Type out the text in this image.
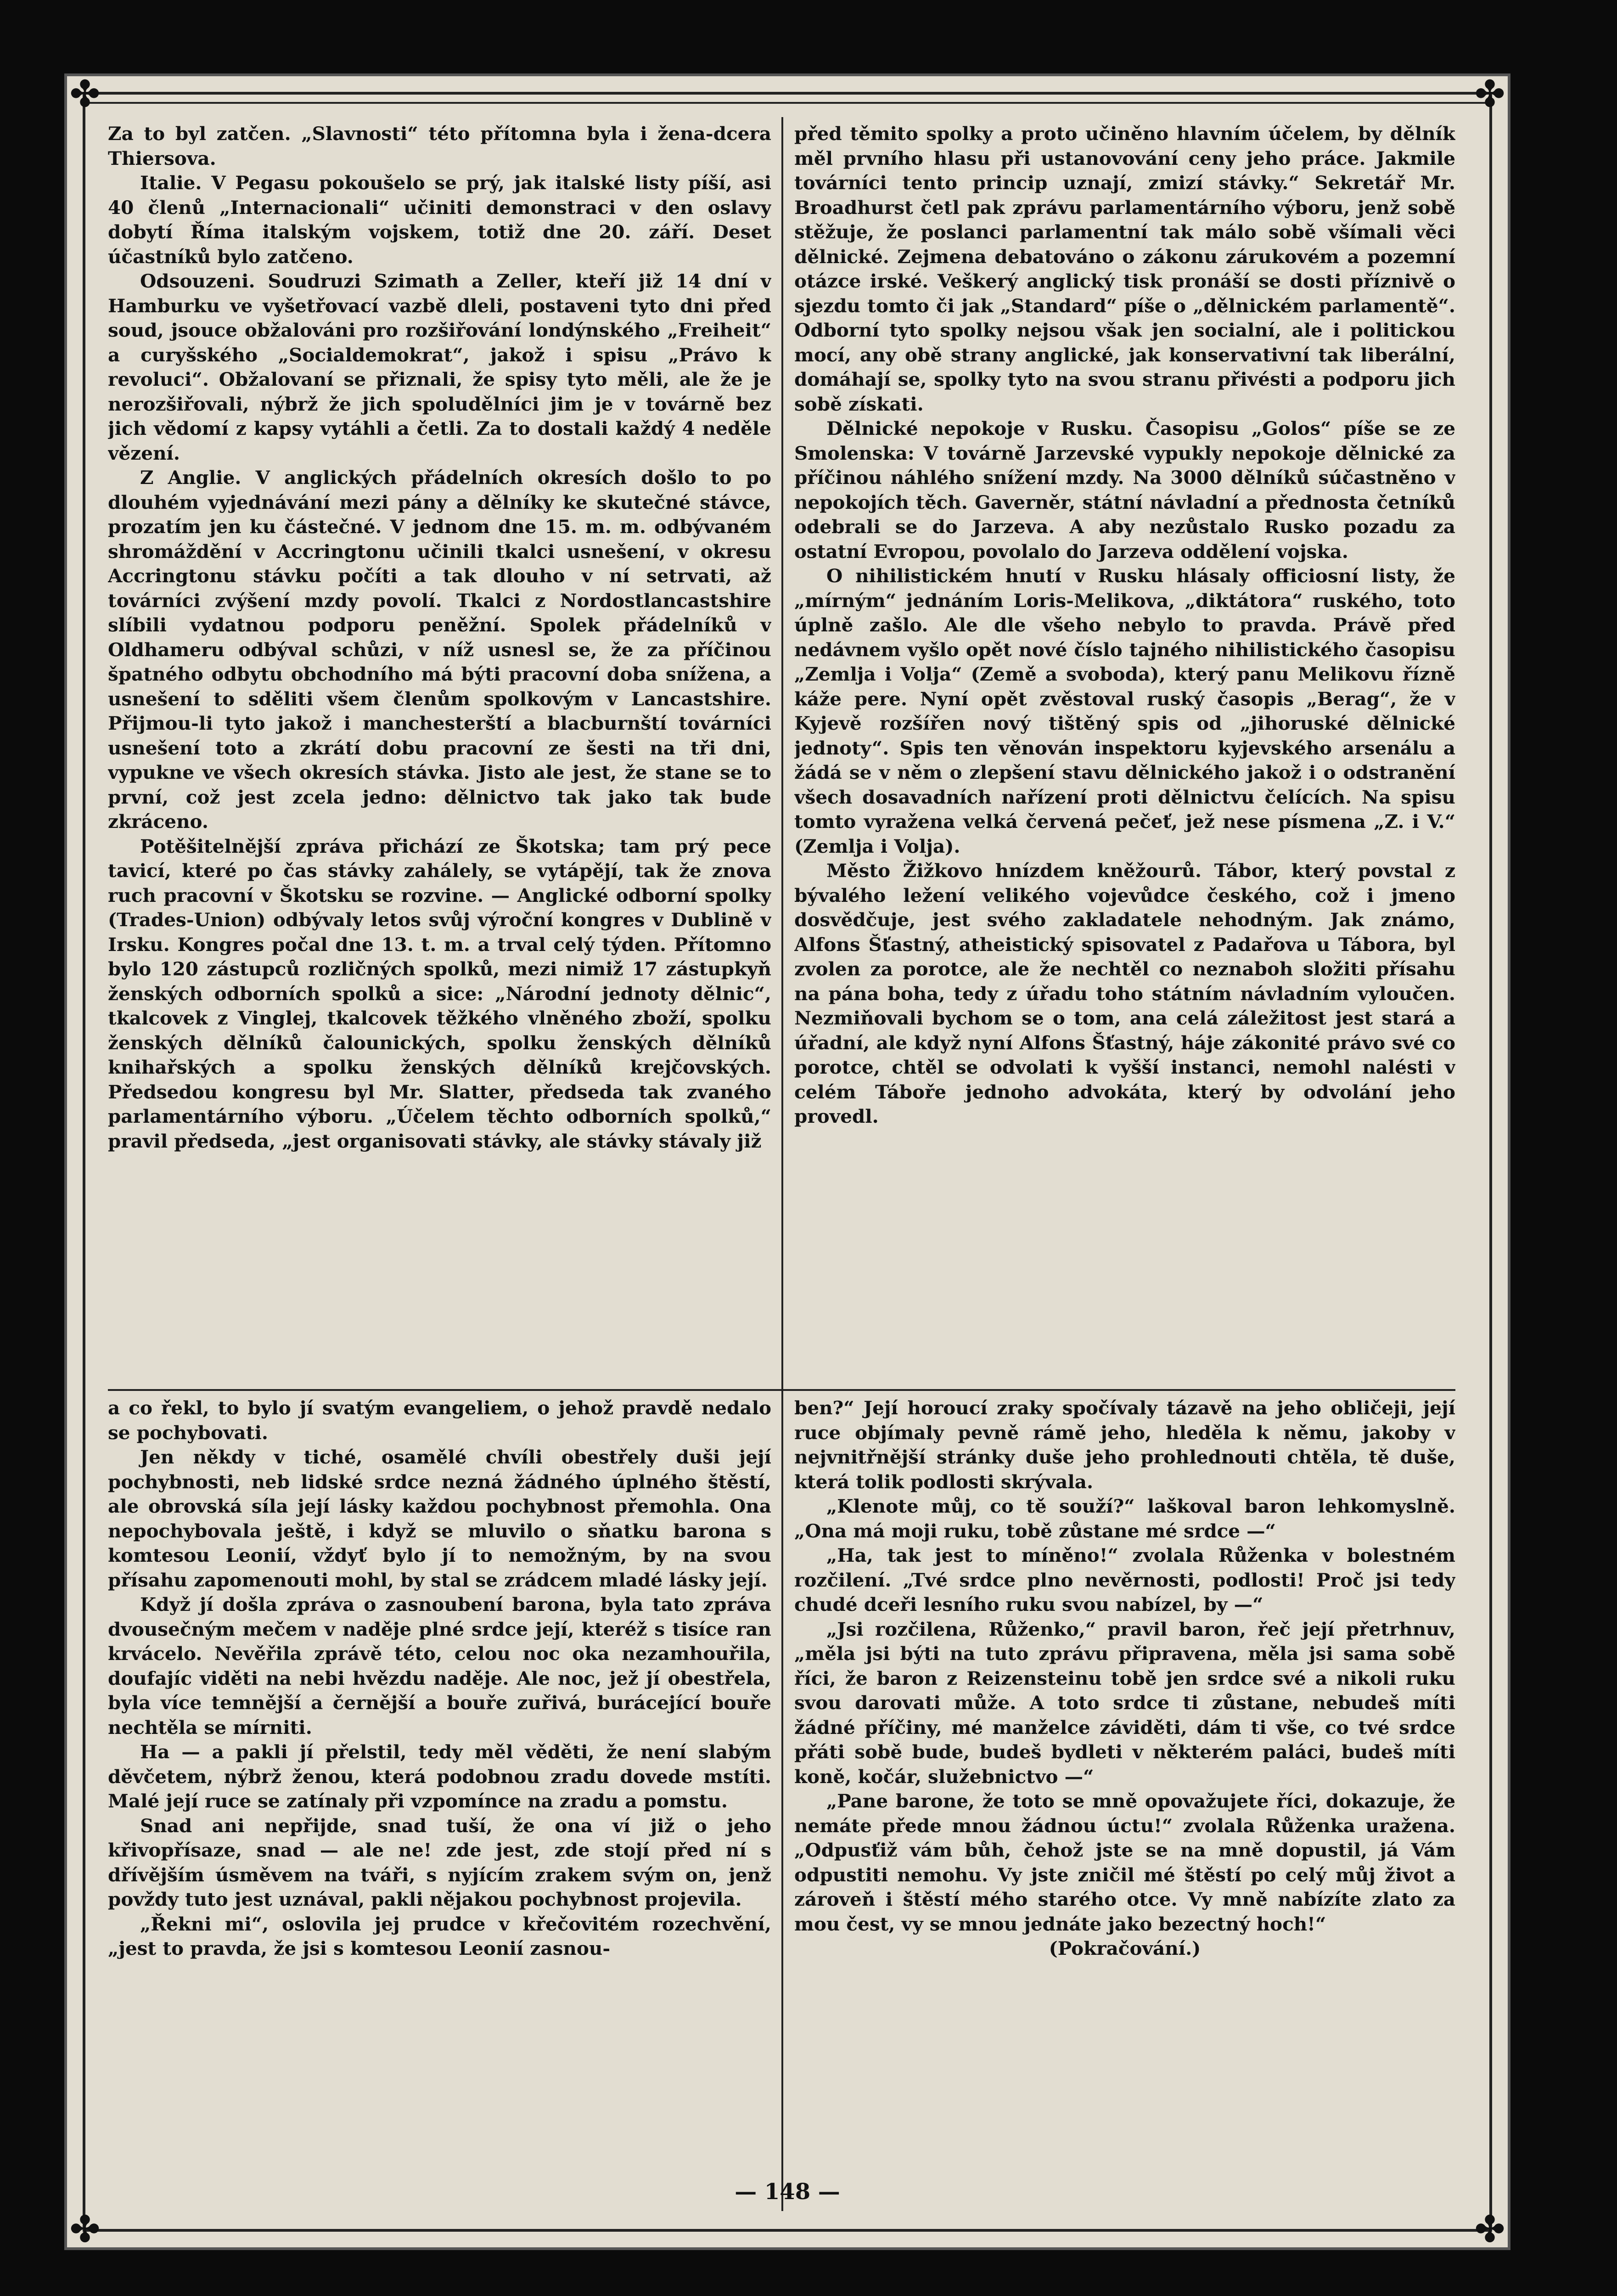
✤	✤
✤	✤

Za to byl zatčen. „Slavnosti“ této přítomna byla i žena-dcera Thiersova.

Italie. V Pegasu pokoušelo se prý, jak italské listy píší, asi 40 členů „Internacionali“ učiniti demonstraci v den oslavy dobytí Říma italským vojskem, totiž dne 20. září. Deset účastníků bylo zatčeno.

Odsouzeni. Soudruzi Szimath a Zeller, kteří již 14 dní v Hamburku ve vyšetřovací vazbě dleli, postaveni tyto dni před soud, jsouce obžalováni pro rozšiřování londýnského „Freiheit“ a curyšského „Socialdemokrat“, jakož i spisu „Právo k revoluci“. Obžalovaní se přiznali, že spisy tyto měli, ale že je nerozšiřovali, nýbrž že jich spoludělníci jim je v továrně bez jich vědomí z kapsy vytáhli a četli. Za to dostali každý 4 neděle vězení.

Z Anglie. V anglických přádelních okresích došlo to po dlouhém vyjednávání mezi pány a dělníky ke skutečné stávce, prozatím jen ku částečné. V jednom dne 15. m. m. odbývaném shromáždění v Accringtonu učinili tkalci usnešení, v okresu Accringtonu stávku počíti a tak dlouho v ní setrvati, až továrníci zvýšení mzdy povolí. Tkalci z Nordostlancastshire slíbili vydatnou podporu peněžní. Spolek přádelníků v Oldhameru odbýval schůzi, v níž usnesl se, že za příčinou špatného odbytu obchodního má býti pracovní doba snížena, a usnešení to sděliti všem členům spolkovým v Lancastshire. Přijmou-li tyto jakož i manchesterští a blacburnští továrníci usnešení toto a zkrátí dobu pracovní ze šesti na tři dni, vypukne ve všech okresích stávka. Jisto ale jest, že stane se to první, což jest zcela jedno: dělnictvo tak jako tak bude zkráceno.

Potěšitelnější zpráva přichází ze Škotska; tam prý pece tavicí, které po čas stávky zahálely, se vytápějí, tak že znova ruch pracovní v Škotsku se rozvine. — Anglické odborní spolky (Trades-Union) odbývaly letos svůj výroční kongres v Dublině v Irsku. Kongres počal dne 13. t. m. a trval celý týden. Přítomno bylo 120 zástupců rozličných spolků, mezi nimiž 17 zástupkyň ženských odborních spolků a sice: „Národní jednoty dělnic“, tkalcovek z Vinglej, tkalcovek těžkého vlněného zboží, spolku ženských dělníků čalounických, spolku ženských dělníků knihařských a spolku ženských dělníků krejčovských. Předsedou kongresu byl Mr. Slatter, předseda tak zvaného parlamentárního výboru. „Účelem těchto odborních spolků,“ pravil předseda, „jest organisovati stávky, ale stávky stávaly již

před těmito spolky a proto učiněno hlavním účelem, by dělník měl prvního hlasu při ustanovování ceny jeho práce. Jakmile továrníci tento princip uznají, zmizí stávky.“ Sekretář Mr. Broadhurst četl pak zprávu parlamentárního výboru, jenž sobě stěžuje, že poslanci parlamentní tak málo sobě všímali věci dělnické. Zejmena debatováno o zákonu zárukovém a pozemní otázce irské. Veškerý anglický tisk pronáší se dosti příznivě o sjezdu tomto či jak „Standard“ píše o „dělnickém parlamentě“. Odborní tyto spolky nejsou však jen socialní, ale i politickou mocí, any obě strany anglické, jak konservativní tak liberální, domáhají se, spolky tyto na svou stranu přivésti a podporu jich sobě získati.

Dělnické nepokoje v Rusku. Časopisu „Golos“ píše se ze Smolenska: V továrně Jarzevské vypukly nepokoje dělnické za příčinou náhlého snížení mzdy. Na 3000 dělníků súčastněno v nepokojích těch. Gaverněr, státní návladní a přednosta četníků odebrali se do Jarzeva. A aby nezůstalo Rusko pozadu za ostatní Evropou, povolalo do Jarzeva oddělení vojska.

O nihilistickém hnutí v Rusku hlásaly officiosní listy, že „mírným“ jednáním Loris-Melikova, „diktátora“ ruského, toto úplně zašlo. Ale dle všeho nebylo to pravda. Právě před nedávnem vyšlo opět nové číslo tajného nihilistického časopisu „Zemlja i Volja“ (Země a svoboda), který panu Melikovu řízně káže pere. Nyní opět zvěstoval ruský časopis „Berag“, že v Kyjevě rozšířen nový tištěný spis od „jihoruské dělnické jednoty“. Spis ten věnován inspektoru kyjevského arsenálu a žádá se v něm o zlepšení stavu dělnického jakož i o odstranění všech dosavadních nařízení proti dělnictvu čelících. Na spisu tomto vyražena velká červená pečeť, jež nese písmena „Z. i V.“ (Zemlja i Volja).

Město Žižkovo hnízdem kněžourů. Tábor, který povstal z bývalého ležení velikého vojevůdce českého, což i jmeno dosvědčuje, jest svého zakladatele nehodným. Jak známo, Alfons Šťastný, atheistický spisovatel z Padařova u Tábora, byl zvolen za porotce, ale že nechtěl co neznaboh složiti přísahu na pána boha, tedy z úřadu toho státním návladním vyloučen. Nezmiňovali bychom se o tom, ana celá záležitost jest stará a úřadní, ale když nyní Alfons Šťastný, háje zákonité právo své co porotce, chtěl se odvolati k vyšší instanci, nemohl nalésti v celém Táboře jednoho advokáta, který by odvolání jeho provedl.

a co řekl, to bylo jí svatým evangeliem, o jehož pravdě nedalo se pochybovati.

Jen někdy v tiché, osamělé chvíli obestřely duši její pochybnosti, neb lidské srdce nezná žádného úplného štěstí, ale obrovská síla její lásky každou pochybnost přemohla. Ona nepochybovala ještě, i když se mluvilo o sňatku barona s komtesou Leonií, vždyť bylo jí to nemožným, by na svou přísahu zapomenouti mohl, by stal se zrádcem mladé lásky její.

Když jí došla zpráva o zasnoubení barona, byla tato zpráva dvousečným mečem v naděje plné srdce její, kteréž s tisíce ran krvácelo. Nevěřila zprávě této, celou noc oka nezamhouřila, doufajíc viděti na nebi hvězdu naděje. Ale noc, jež jí obestřela, byla více temnější a černější a bouře zuřivá, burácející bouře nechtěla se mírniti.

Ha — a pakli jí přelstil, tedy měl věděti, že není slabým děvčetem, nýbrž ženou, která podobnou zradu dovede mstíti. Malé její ruce se zatínaly při vzpomínce na zradu a pomstu.

Snad ani nepřijde, snad tuší, že ona ví již o jeho křivopřísaze, snad — ale ne! zde jest, zde stojí před ní s dřívějším úsměvem na tváři, s nyjícím zrakem svým on, jenž povždy tuto jest uznával, pakli nějakou pochybnost projevila.

„Řekni mi“, oslovila jej prudce v křečovitém rozechvění, „jest to pravda, že jsi s komtesou Leonií zasnou-

ben?“ Její horoucí zraky spočívaly tázavě na jeho obličeji, její ruce objímaly pevně rámě jeho, hleděla k němu, jakoby v nejvnitřnější stránky duše jeho prohlednouti chtěla, tě duše, která tolik podlosti skrývala.

„Klenote můj, co tě souží?“ laškoval baron lehkomyslně. „Ona má moji ruku, tobě zůstane mé srdce —“

„Ha, tak jest to míněno!“ zvolala Růženka v bolestném rozčilení. „Tvé srdce plno nevěrnosti, podlosti! Proč jsi tedy chudé dceři lesního ruku svou nabízel, by —“

„Jsi rozčilena, Růženko,“ pravil baron, řeč její přetrhnuv, „měla jsi býti na tuto zprávu připravena, měla jsi sama sobě říci, že baron z Reizensteinu tobě jen srdce své a nikoli ruku svou darovati může. A toto srdce ti zůstane, nebudeš míti žádné příčiny, mé manželce záviděti, dám ti vše, co tvé srdce přáti sobě bude, budeš bydleti v některém paláci, budeš míti koně, kočár, služebnictvo —“

„Pane barone, že toto se mně opovažujete říci, dokazuje, že nemáte přede mnou žádnou úctu!“ zvolala Růženka uražena. „Odpusťiž vám bůh, čehož jste se na mně dopustil, já Vám odpustiti nemohu. Vy jste zničil mé štěstí po celý můj život a zároveň i štěstí mého starého otce. Vy mně nabízíte zlato za mou čest, vy se mnou jednáte jako bezectný hoch!“

(Pokračování.)

— 148 —
